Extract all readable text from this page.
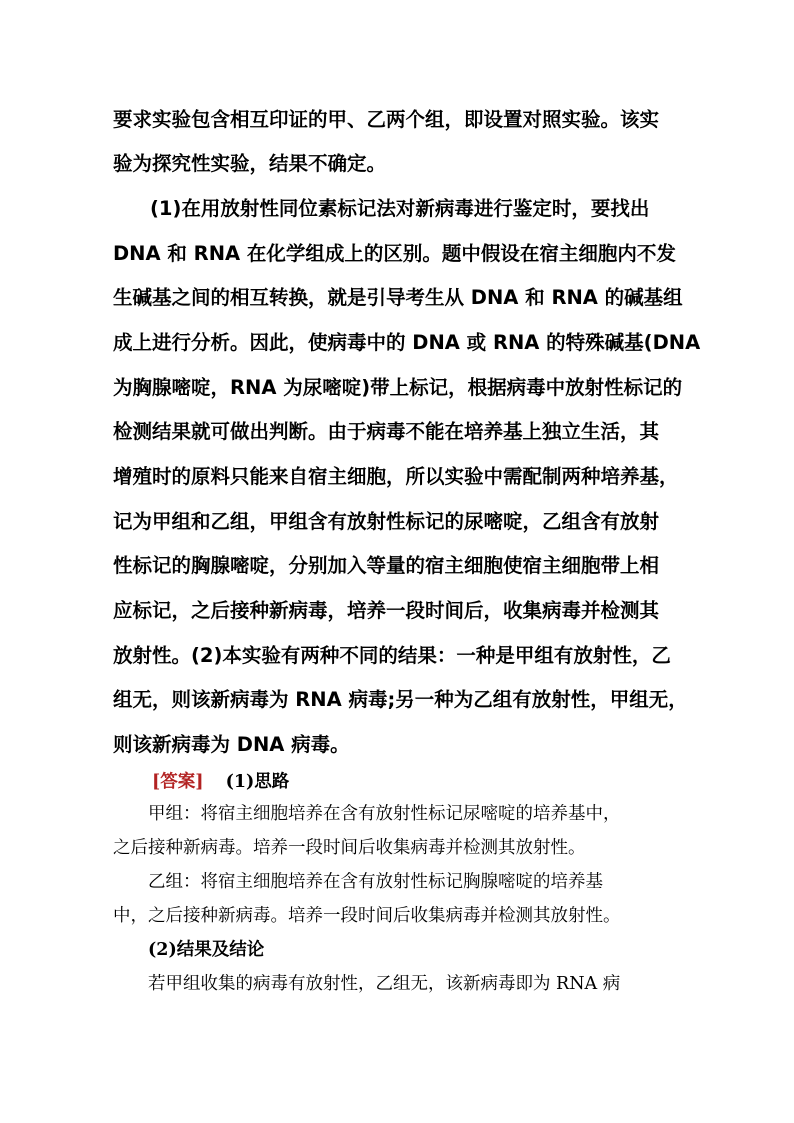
要求实验包含相互印证的甲、乙两个组，即设置对照实验。该实
验为探究性实验，结果不确定。
(1)在用放射性同位素标记法对新病毒进行鉴定时，要找出
DNA 和 RNA 在化学组成上的区别。题中假设在宿主细胞内不发
生碱基之间的相互转换，就是引导考生从 DNA 和 RNA 的碱基组
成上进行分析。因此，使病毒中的 DNA 或 RNA 的特殊碱基(DNA
为胸腺嘧啶，RNA 为尿嘧啶)带上标记，根据病毒中放射性标记的
检测结果就可做出判断。由于病毒不能在培养基上独立生活，其
增殖时的原料只能来自宿主细胞，所以实验中需配制两种培养基，
记为甲组和乙组，甲组含有放射性标记的尿嘧啶，乙组含有放射
性标记的胸腺嘧啶，分别加入等量的宿主细胞使宿主细胞带上相
应标记，之后接种新病毒，培养一段时间后，收集病毒并检测其
放射性。(2)本实验有两种不同的结果：一种是甲组有放射性，乙
组无，则该新病毒为 RNA 病毒;另一种为乙组有放射性，甲组无，
则该新病毒为 DNA 病毒。
[答案] (1)思路
甲组：将宿主细胞培养在含有放射性标记尿嘧啶的培养基中，
之后接种新病毒。培养一段时间后收集病毒并检测其放射性。
乙组：将宿主细胞培养在含有放射性标记胸腺嘧啶的培养基
中，之后接种新病毒。培养一段时间后收集病毒并检测其放射性。
(2)结果及结论
若甲组收集的病毒有放射性，乙组无，该新病毒即为 RNA 病
